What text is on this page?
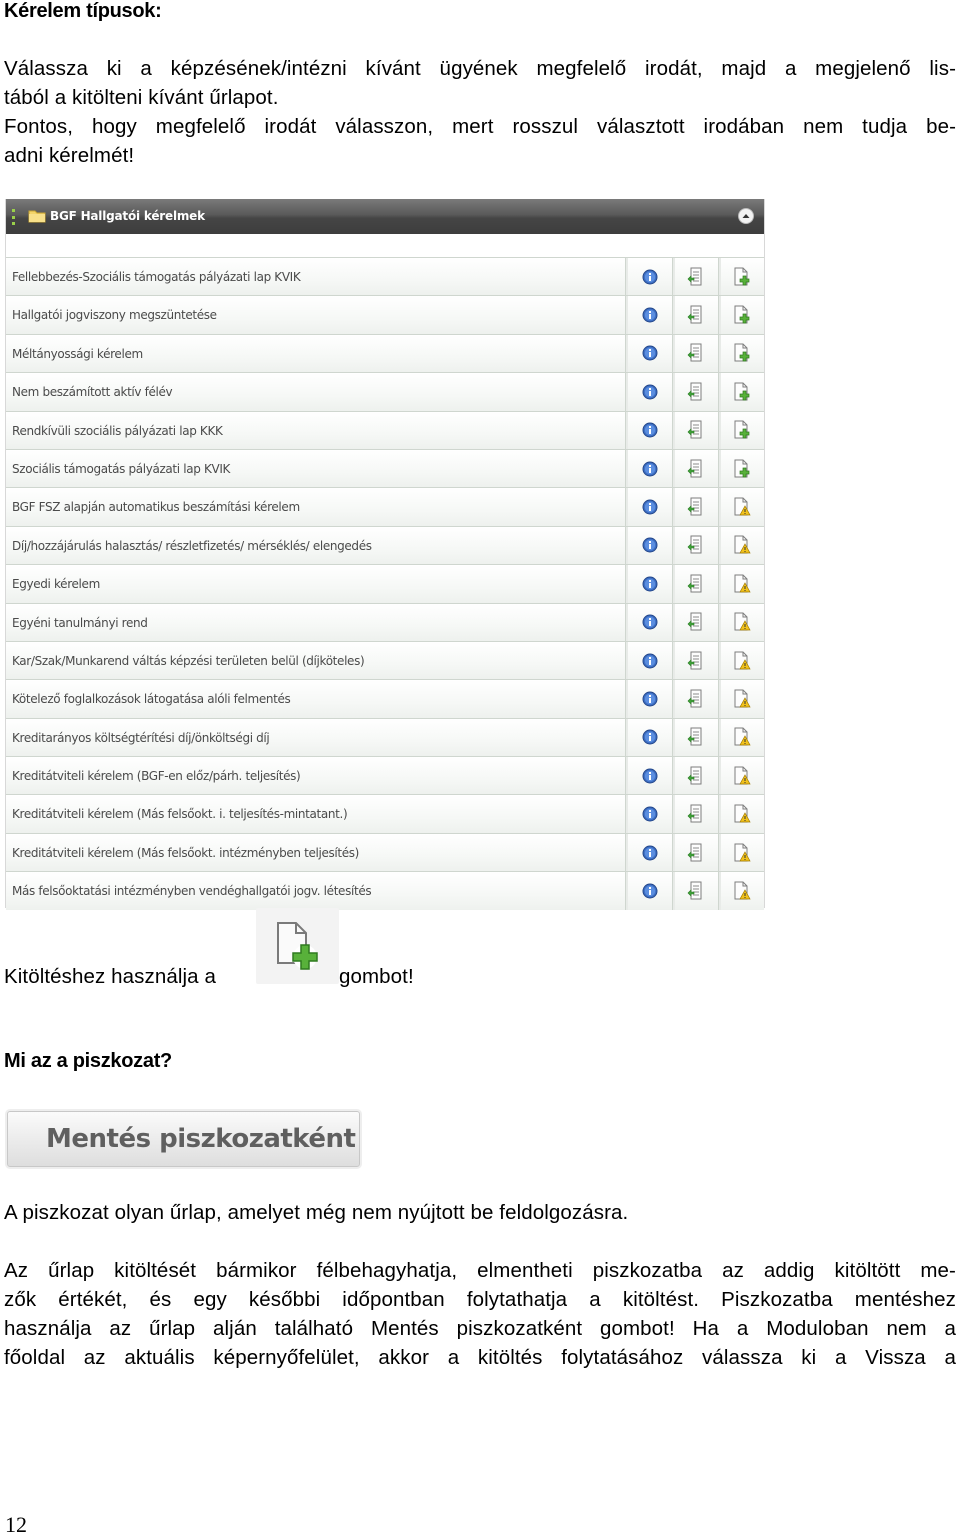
Kérelem típusok:

Válassza ki a képzésének/intézni kívánt ügyének megfelelő irodát, majd a megjelenő lis-

tából a kitölteni kívánt űrlapot.

Fontos, hogy megfelelő irodát válasszon, mert rosszul választott irodában nem tudja be-

adni kérelmét!

BGF Hallgatói kérelmek
Fellebbezés-Szociális támogatás pályázati lap KVIK
Hallgatói jogviszony megszüntetése
Méltányossági kérelem
Nem beszámított aktív félév
Rendkívüli szociális pályázati lap KKK
Szociális támogatás pályázati lap KVIK
BGF FSZ alapján automatikus beszámítási kérelem
Díj/hozzájárulás halasztás/ részletfizetés/ mérséklés/ elengedés
Egyedi kérelem
Egyéni tanulmányi rend
Kar/Szak/Munkarend váltás képzési területen belül (díjköteles)
Kötelező foglalkozások látogatása alóli felmentés
Kreditarányos költségtérítési díj/önköltségi díj
Kreditátviteli kérelem (BGF-en előz/párh. teljesítés)
Kreditátviteli kérelem (Más felsőokt. i. teljesítés-mintatant.)
Kreditátviteli kérelem (Más felsőokt. intézményben teljesítés)
Más felsőoktatási intézményben vendéghallgatói jogv. létesítés
Kitöltéshez használja a	gombot!
Mi az a piszkozat?
Mentés piszkozatként
A piszkozat olyan űrlap, amelyet még nem nyújtott be feldolgozásra.

Az űrlap kitöltését bármikor félbehagyhatja, elmentheti piszkozatba az addig kitöltött me-

zők értékét, és egy későbbi időpontban folytathatja a kitöltést. Piszkozatba mentéshez

használja az űrlap alján található Mentés piszkozatként gombot! Ha a Moduloban nem a

főoldal az aktuális képernyőfelület, akkor a kitöltés folytatásához válassza ki a Vissza a

12
